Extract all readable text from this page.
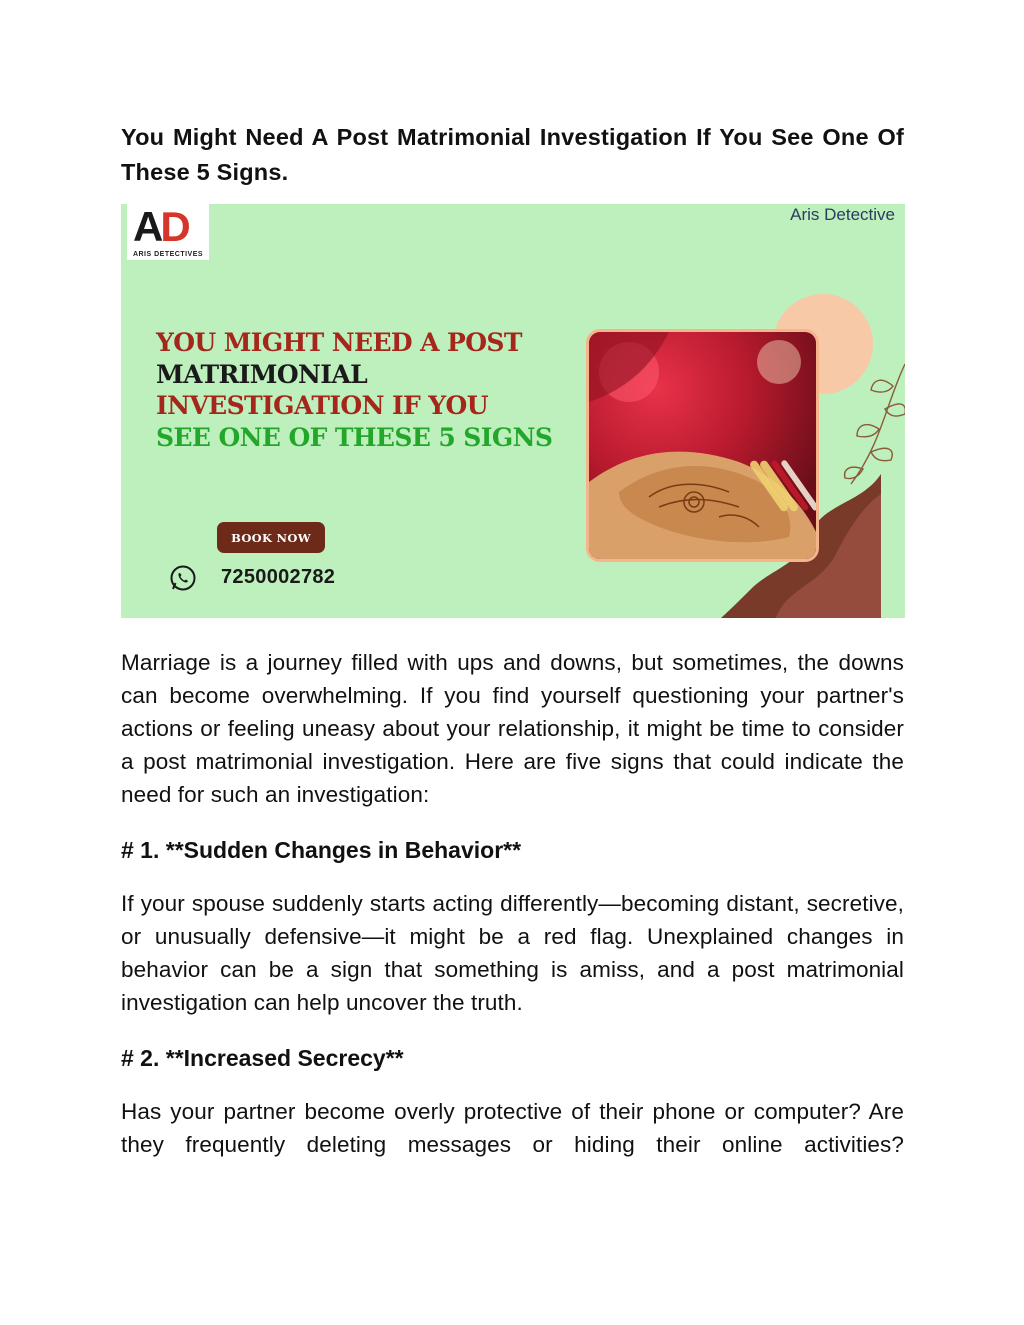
You Might Need A Post Matrimonial Investigation If You See One Of These 5 Signs.
AD
ARIS DETECTIVES
Aris Detective
YOU MIGHT NEED A POST
MATRIMONIAL
INVESTIGATION IF YOU
SEE ONE OF THESE 5 SIGNS
BOOK NOW
7250002782

Marriage is a journey filled with ups and downs, but sometimes, the downs can become overwhelming. If you find yourself questioning your partner's actions or feeling uneasy about your relationship, it might be time to consider a post matrimonial investigation. Here are five signs that could indicate the need for such an investigation:

# 1. **Sudden Changes in Behavior**

If your spouse suddenly starts acting differently—becoming distant, secretive, or unusually defensive—it might be a red flag. Unexplained changes in behavior can be a sign that something is amiss, and a post matrimonial investigation can help uncover the truth.

# 2. **Increased Secrecy**

Has your partner become overly protective of their phone or computer? Are they frequently deleting messages or hiding their online activities?
